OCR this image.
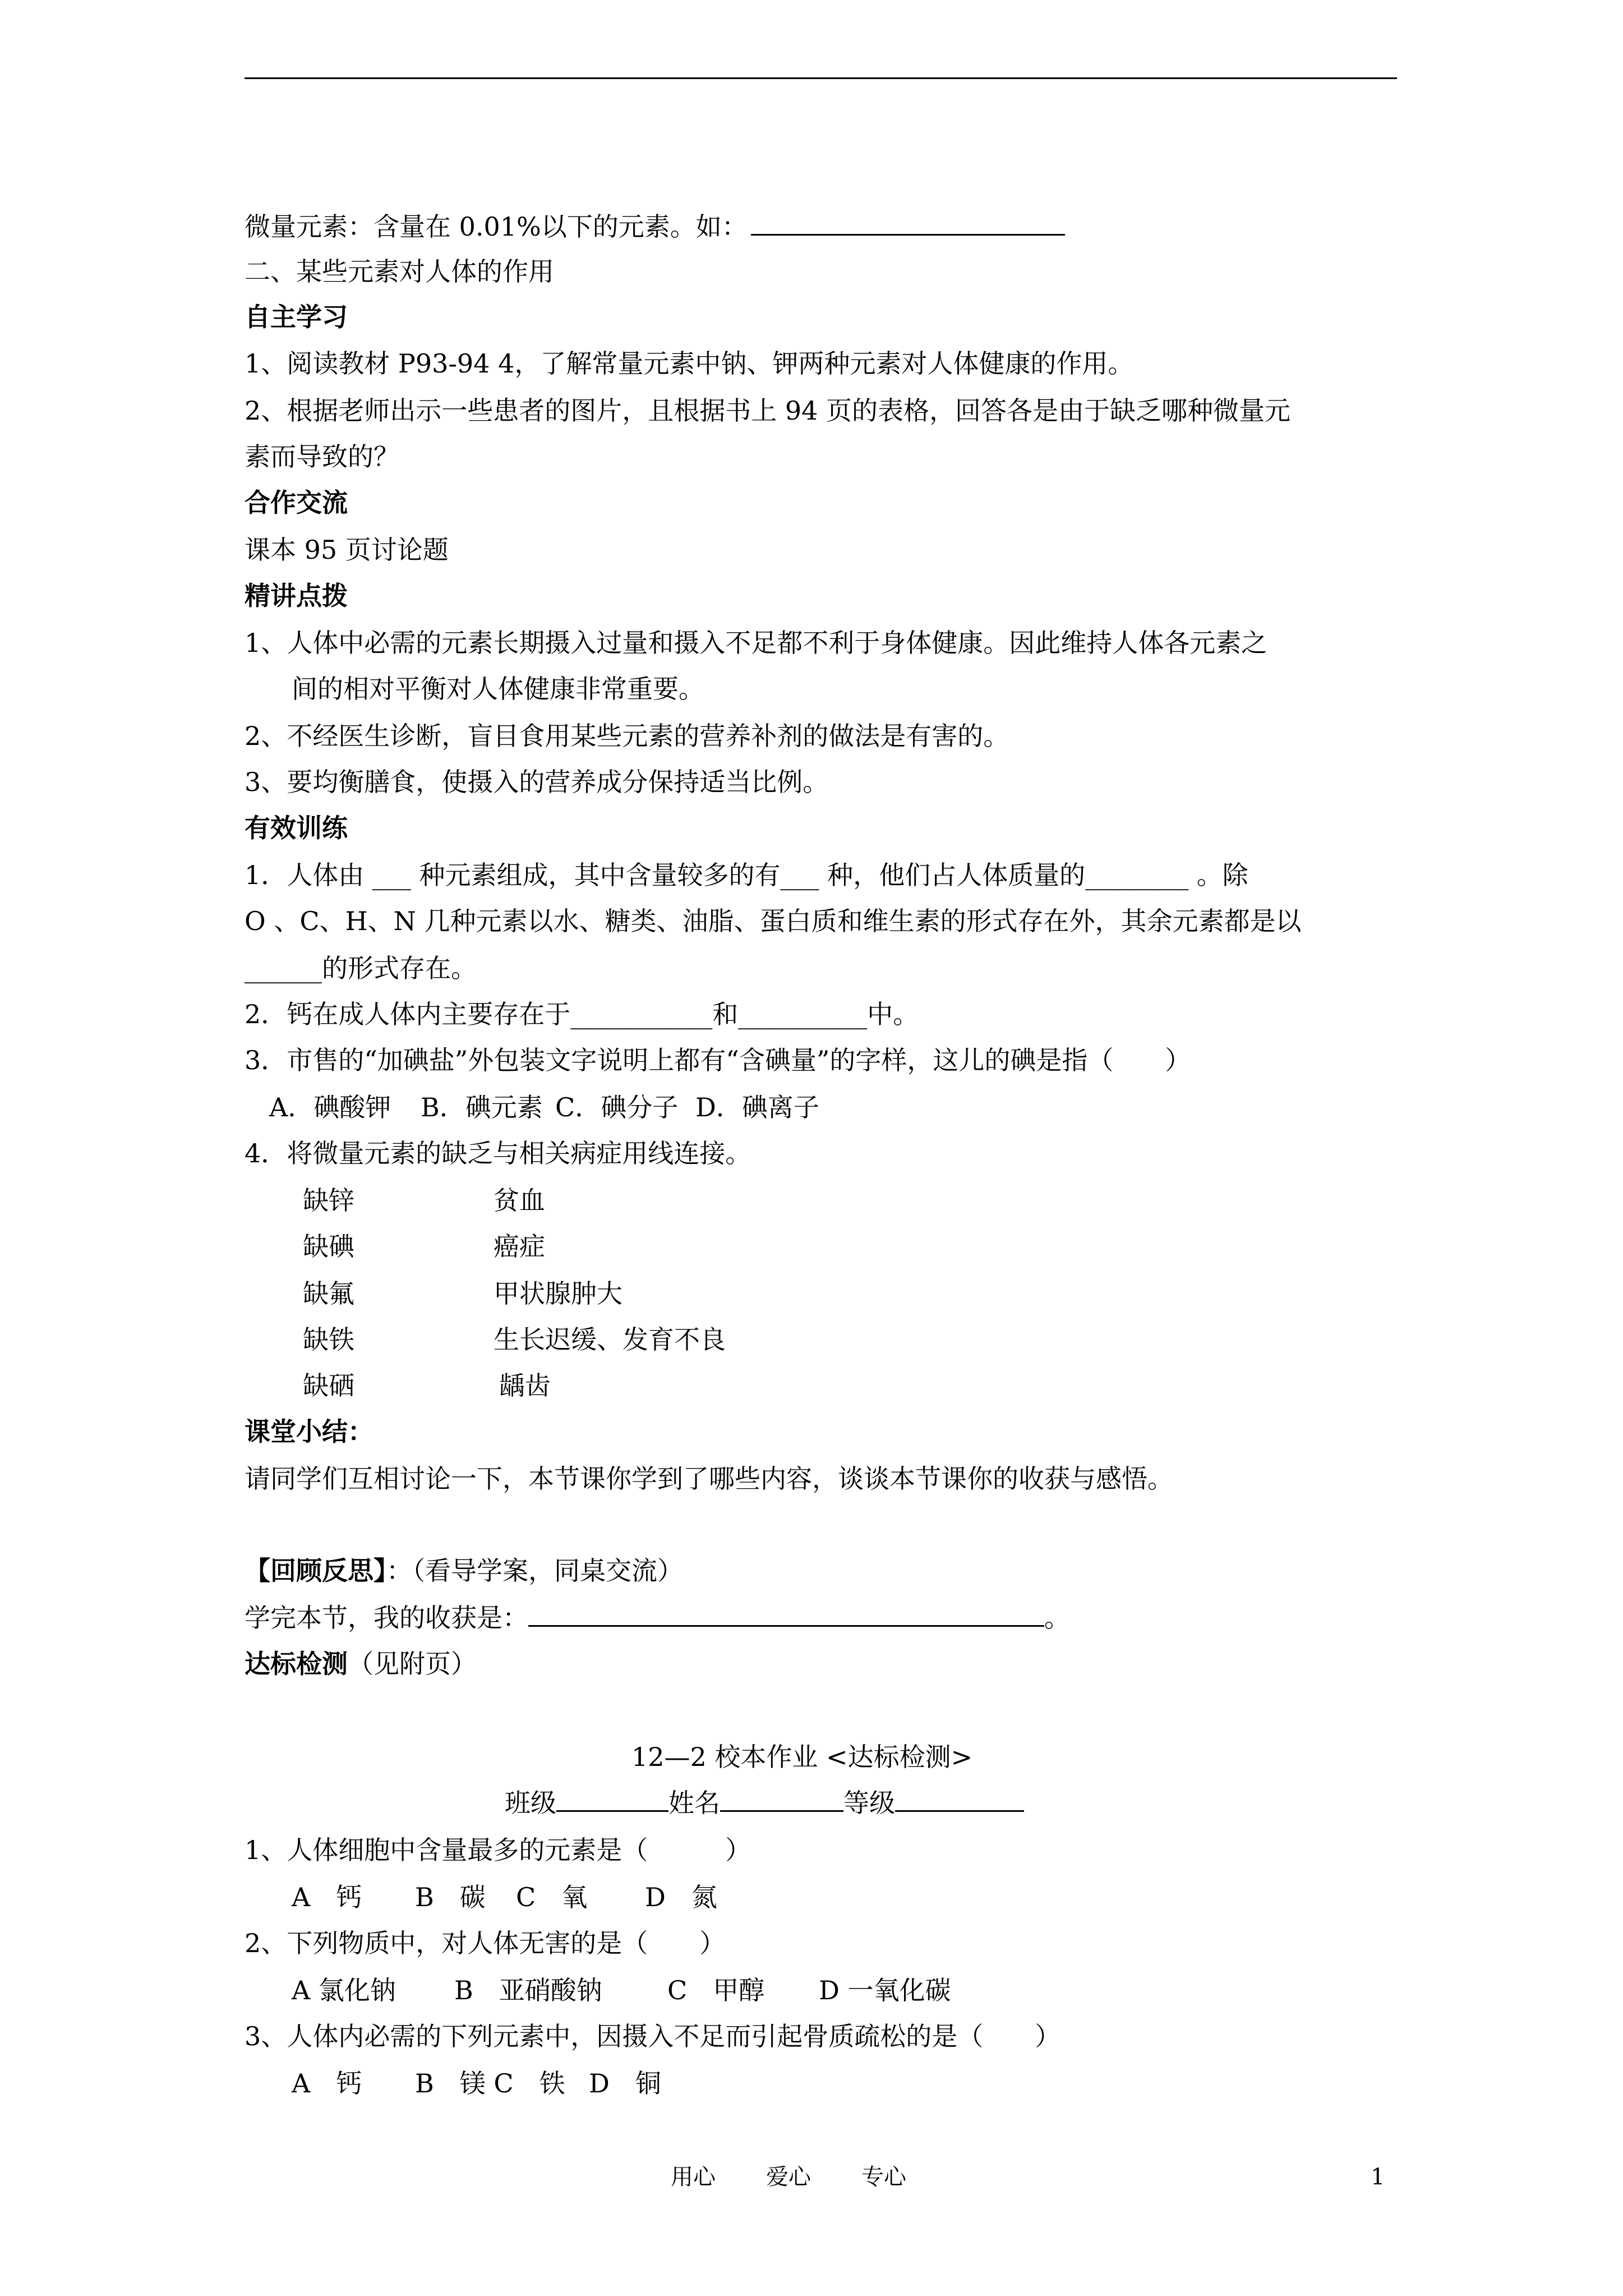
微量元素：含量在 0.01%以下的元素。如：
二、某些元素对人体的作用
自主学习
1、阅读教材 P93-94 4，了解常量元素中钠、钾两种元素对人体健康的作用。
2、根据老师出示一些患者的图片，且根据书上 94 页的表格，回答各是由于缺乏哪种微量元
素而导致的？
合作交流
课本 95 页讨论题
精讲点拨
1、人体中必需的元素长期摄入过量和摄入不足都不利于身体健康。因此维持人体各元素之
间的相对平衡对人体健康非常重要。
2、不经医生诊断，盲目食用某些元素的营养补剂的做法是有害的。
3、要均衡膳食，使摄入的营养成分保持适当比例。
有效训练
1．人体由 ___ 种元素组成，其中含量较多的有___ 种，他们占人体质量的________ 。除
O 、C、H、N 几种元素以水、糖类、油脂、蛋白质和维生素的形式存在外，其余元素都是以
______的形式存在。
2．钙在成人体内主要存在于___________和__________中。
3．市售的“加碘盐”外包装文字说明上都有“含碘量”的字样，这儿的碘是指（　　）
A．碘酸钾 B．碘元素 C．碘分子 D．碘离子
4．将微量元素的缺乏与相关病症用线连接。
缺锌	贫血
缺碘	癌症
缺氟	甲状腺肿大
缺铁	生长迟缓、发育不良
缺硒	龋齿
课堂小结：
请同学们互相讨论一下，本节课你学到了哪些内容，谈谈本节课你的收获与感悟。
【回顾反思】：（看导学案，同桌交流）
学完本节，我的收获是：	。
达标检测（见附页）
12—2 校本作业 <达标检测>
班级	姓名	等级
1、人体细胞中含量最多的元素是（　　　）
A　钙 B　碳 C　氧 D　氮
2、下列物质中，对人体无害的是（　　）
A 氯化钠 B　亚硝酸钠	C　甲醇 D 一氧化碳
3、人体内必需的下列元素中，因摄入不足而引起骨质疏松的是（　　）
A　钙 B　镁 C　铁 D　铜
用心 爱心 专心	1
